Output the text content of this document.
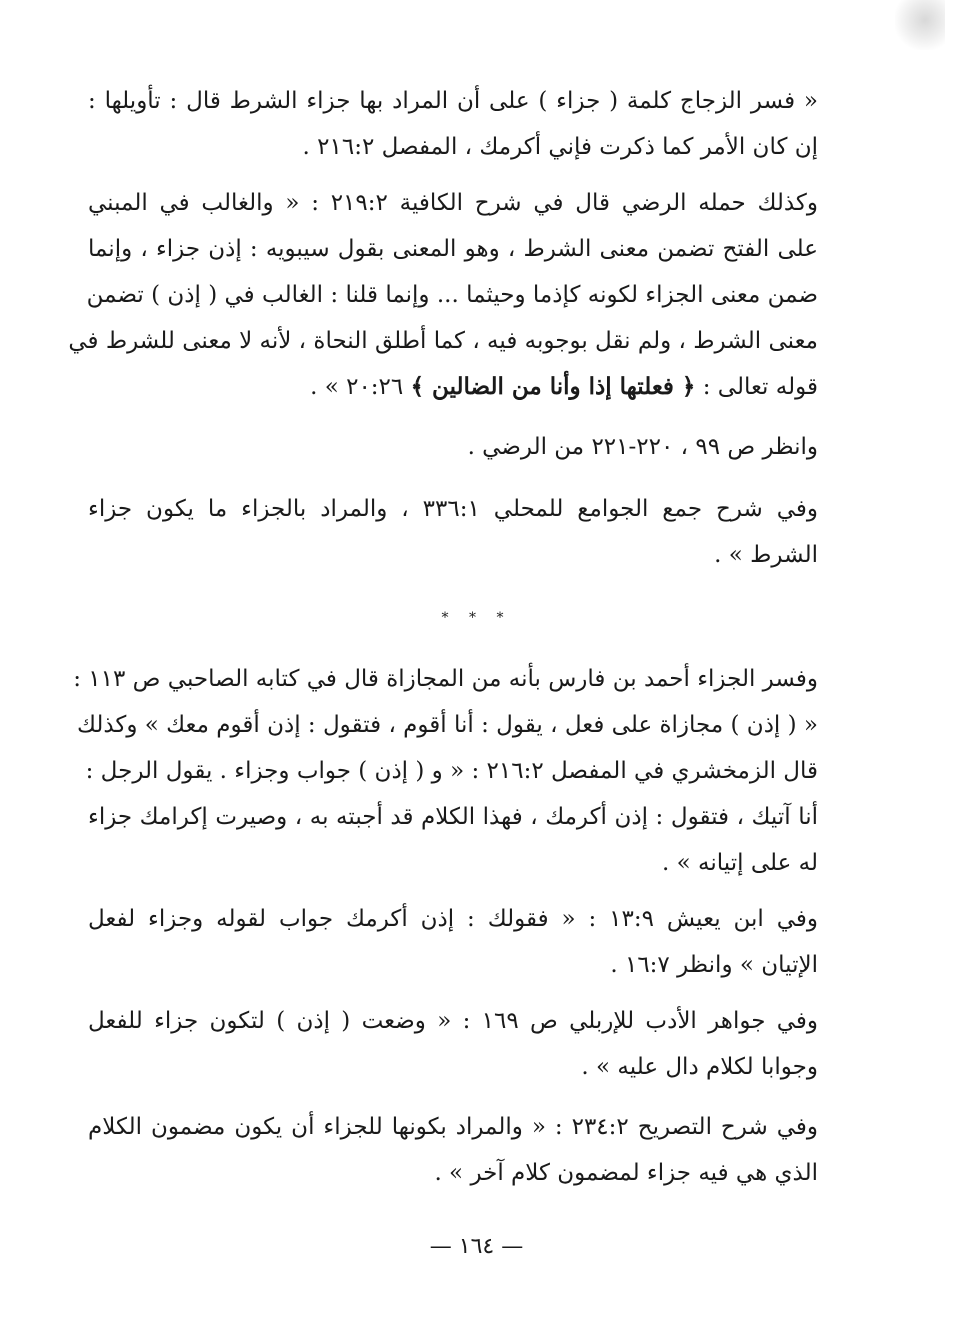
« فسر الزجاج كلمة ( جزاء ) على أن المراد بها جزاء الشرط قال : تأويلها :
إن كان الأمر كما ذكرت فإني أكرمك ، المفصل ٢١٦:٢ .
وكذلك حمله الرضي قال في شرح الكافية ٢١٩:٢ : « والغالب في المبني
على الفتح تضمن معنى الشرط ، وهو المعنى بقول سيبويه : إذن جزاء ، وإنما
ضمن معنى الجزاء لكونه كإذما وحيثما ... وإنما قلنا : الغالب في ( إذن ) تضمن
معنى الشرط ، ولم نقل بوجوبه فيه ، كما أطلق النحاة ، لأنه لا معنى للشرط في
قوله تعالى : ﴿ فعلتها إذا وأنا من الضالين ﴾ ٢٠:٢٦ » .
وانظر ص ٩٩ ، ٢٢٠-٢٢١ من الرضي .
وفي شرح جمع الجوامع للمحلي ٣٣٦:١ ، والمراد بالجزاء ما يكون جزاء
الشرط » .
* * *
وفسر الجزاء أحمد بن فارس بأنه من المجازاة قال في كتابه الصاحبي ص ١١٣ :
« ( إذن ) مجازاة على فعل ، يقول : أنا أقوم ، فتقول : إذن أقوم معك » وكذلك
قال الزمخشري في المفصل ٢١٦:٢ : « و ( إذن ) جواب وجزاء . يقول الرجل :
أنا آتيك ، فتقول : إذن أكرمك ، فهذا الكلام قد أجبته به ، وصيرت إكرامك جزاء
له على إتيانه » .
وفي ابن يعيش ١٣:٩ : « فقولك : إذن أكرمك جواب لقوله وجزاء لفعل
الإتيان » وانظر ١٦:٧ .
وفي جواهر الأدب للإربلي ص ١٦٩ : « وضعت ( إذن ) لتكون جزاء للفعل
وجوابا لكلام دال عليه » .
وفي شرح التصريح ٢٣٤:٢ : « والمراد بكونها للجزاء أن يكون مضمون الكلام
الذي هي فيه جزاء لمضمون كلام آخر » .
— ١٦٤ —
